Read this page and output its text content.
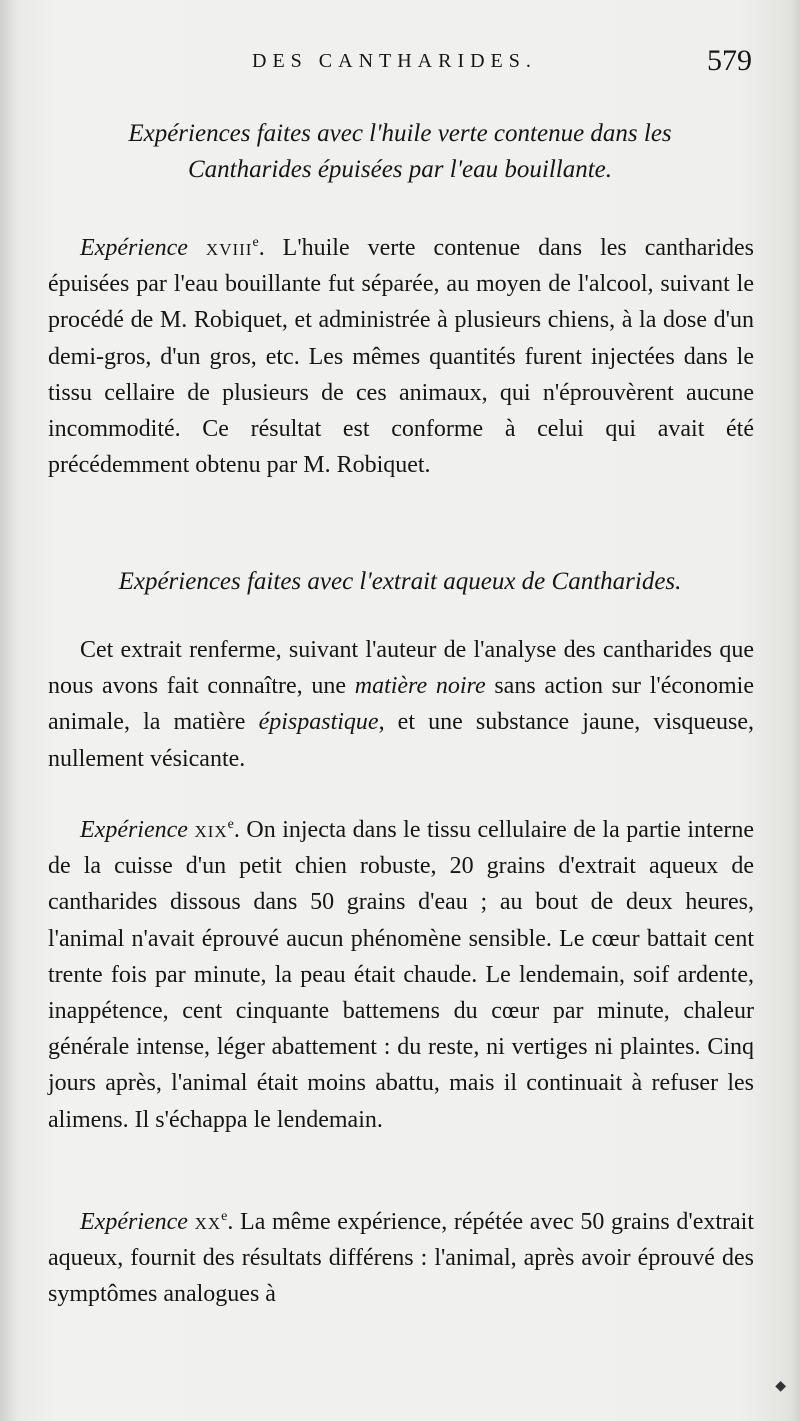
DES CANTHARIDES.	579
Expériences faites avec l'huile verte contenue dans les
Cantharides épuisées par l'eau bouillante.
Expérience xviii$^e$. L'huile verte contenue dans les cantharides épuisées par l'eau bouillante fut séparée, au moyen de l'alcool, suivant le procédé de M. Robiquet, et administrée à plusieurs chiens, à la dose d'un demi-gros, d'un gros, etc. Les mêmes quantités furent injectées dans le tissu cellaire de plusieurs de ces animaux, qui n'éprouvèrent aucune incommodité. Ce résultat est conforme à celui qui avait été précédemment obtenu par M. Robiquet.
Expériences faites avec l'extrait aqueux de Cantharides.
Cet extrait renferme, suivant l'auteur de l'analyse des cantharides que nous avons fait connaître, une matière noire sans action sur l'économie animale, la matière épispastique, et une substance jaune, visqueuse, nullement vésicante.
Expérience xix$^e$. On injecta dans le tissu cellulaire de la partie interne de la cuisse d'un petit chien robuste, 20 grains d'extrait aqueux de cantharides dissous dans 50 grains d'eau ; au bout de deux heures, l'animal n'avait éprouvé aucun phénomène sensible. Le cœur battait cent trente fois par minute, la peau était chaude. Le lendemain, soif ardente, inappétence, cent cinquante battemens du cœur par minute, chaleur générale intense, léger abattement : du reste, ni vertiges ni plaintes. Cinq jours après, l'animal était moins abattu, mais il continuait à refuser les alimens. Il s'échappa le lendemain.
Expérience $xx^e$. La même expérience, répétée avec 50 grains d'extrait aqueux, fournit des résultats différens : l'animal, après avoir éprouvé des symptômes analogues à
◆
